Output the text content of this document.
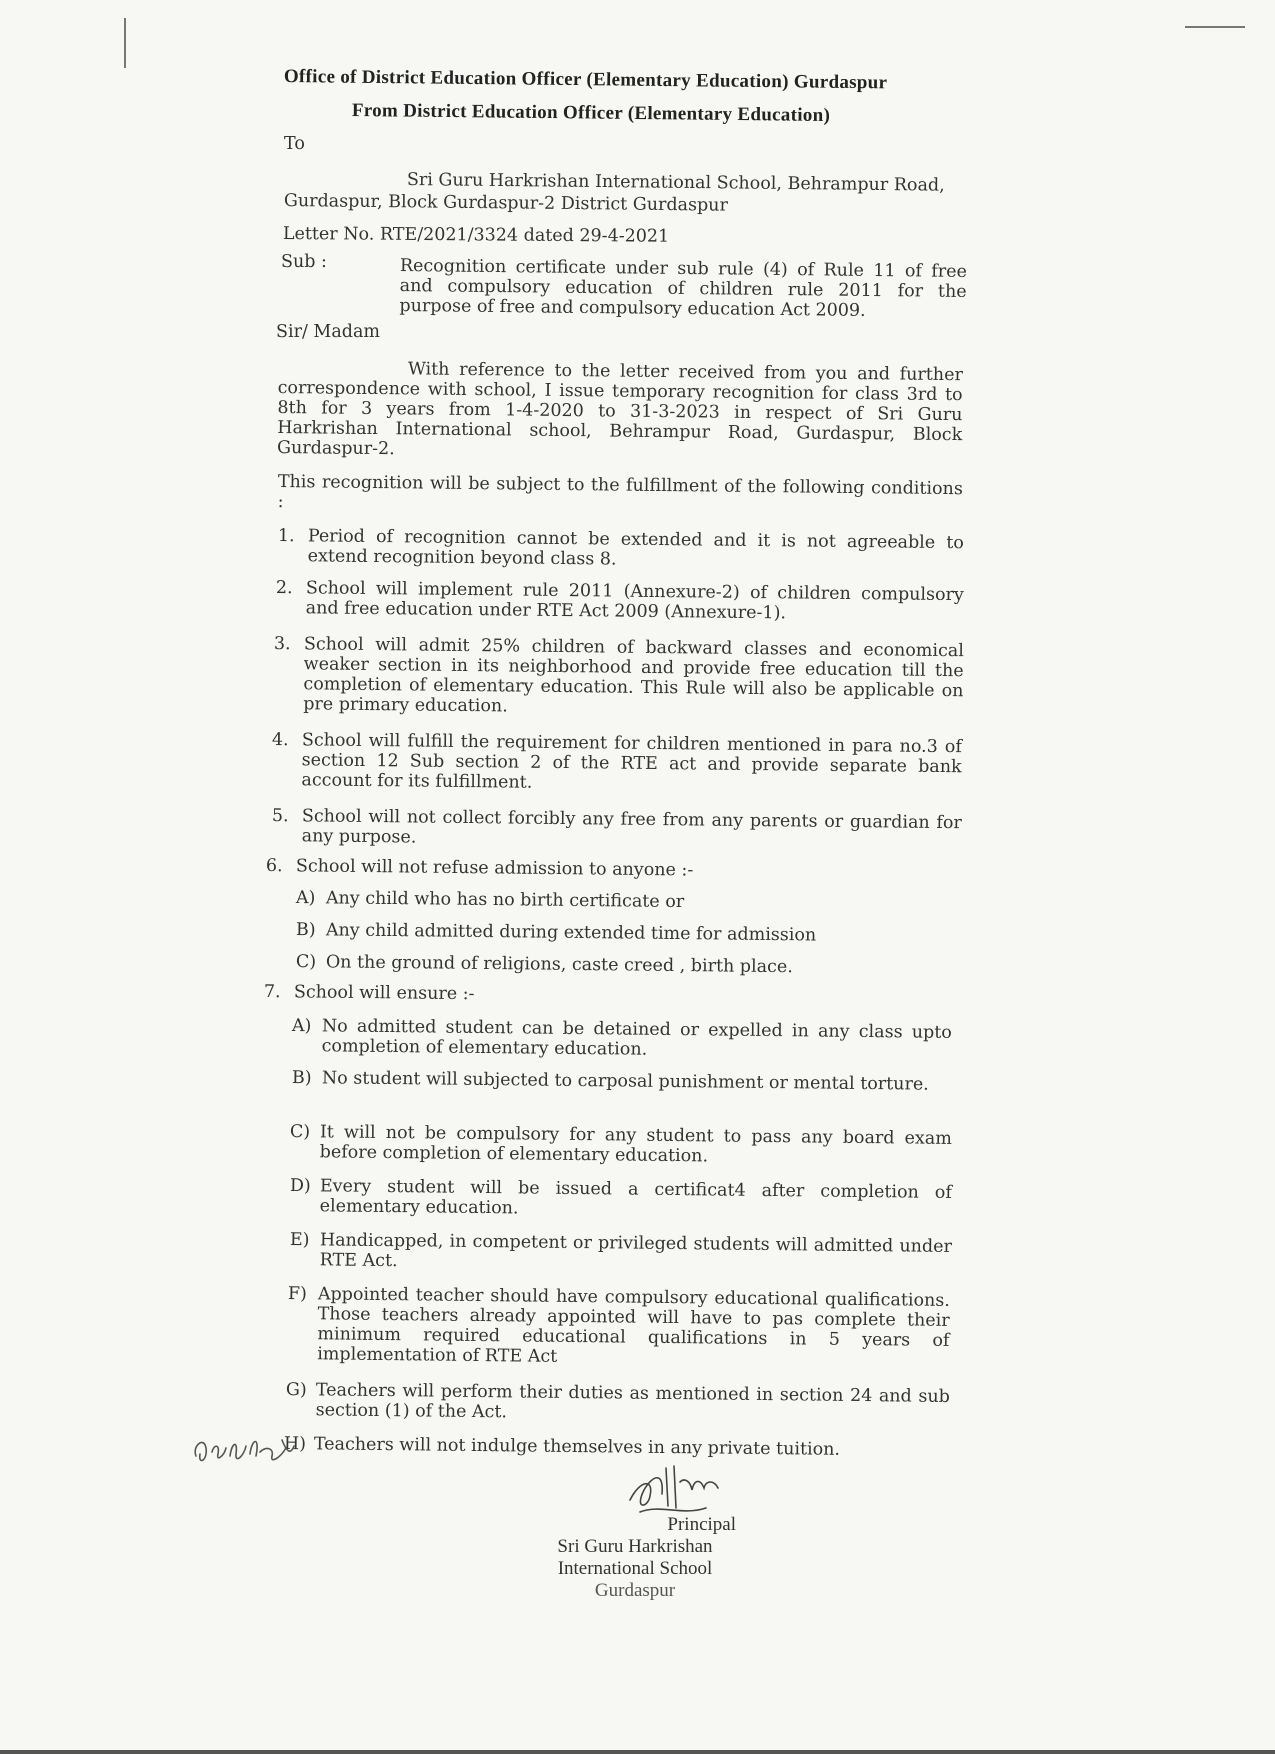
Office of District Education Officer (Elementary Education) Gurdaspur
From District Education Officer (Elementary Education)
To
Sri Guru Harkrishan International School, Behrampur Road,
Gurdaspur, Block Gurdaspur-2 District Gurdaspur
Letter No. RTE/2021/3324 dated 29-4-2021
Sub :	Recognition certificate under sub rule (4) of Rule 11 of free and compulsory education of children rule 2011 for the purpose of free and compulsory education Act 2009.
Sir/ Madam
With reference to the letter received from you and further correspondence with school, I issue temporary recognition for class 3rd to 8th for 3 years from 1-4-2020 to 31-3-2023 in respect of Sri Guru Harkrishan International school, Behrampur Road, Gurdaspur, Block Gurdaspur-2.
This recognition will be subject to the fulfillment of the following conditions :
1. Period of recognition cannot be extended and it is not agreeable to extend recognition beyond class 8.
2. School will implement rule 2011 (Annexure-2) of children compulsory and free education under RTE Act 2009 (Annexure-1).
3. School will admit 25% children of backward classes and economical weaker section in its neighborhood and provide free education till the completion of elementary education. This Rule will also be applicable on pre primary education.
4. School will fulfill the requirement for children mentioned in para no.3 of section 12 Sub section 2 of the RTE act and provide separate bank account for its fulfillment.
5. School will not collect forcibly any free from any parents or guardian for any purpose.
6. School will not refuse admission to anyone :-
A) Any child who has no birth certificate or
B) Any child admitted during extended time for admission
C) On the ground of religions, caste creed , birth place.
7. School will ensure :-
A) No admitted student can be detained or expelled in any class upto completion of elementary education.
B) No student will subjected to carposal punishment or mental torture.
C) It will not be compulsory for any student to pass any board exam before completion of elementary education.
D) Every student will be issued a certificat4 after completion of elementary education.
E) Handicapped, in competent or privileged students will admitted under RTE Act.
F) Appointed teacher should have compulsory educational qualifications. Those teachers already appointed will have to pas complete their minimum required educational qualifications in 5 years of implementation of RTE Act
G) Teachers will perform their duties as mentioned in section 24 and sub section (1) of the Act.
H) Teachers will not indulge themselves in any private tuition.
Principal
Sri Guru Harkrishan
International School
Gurdaspur
